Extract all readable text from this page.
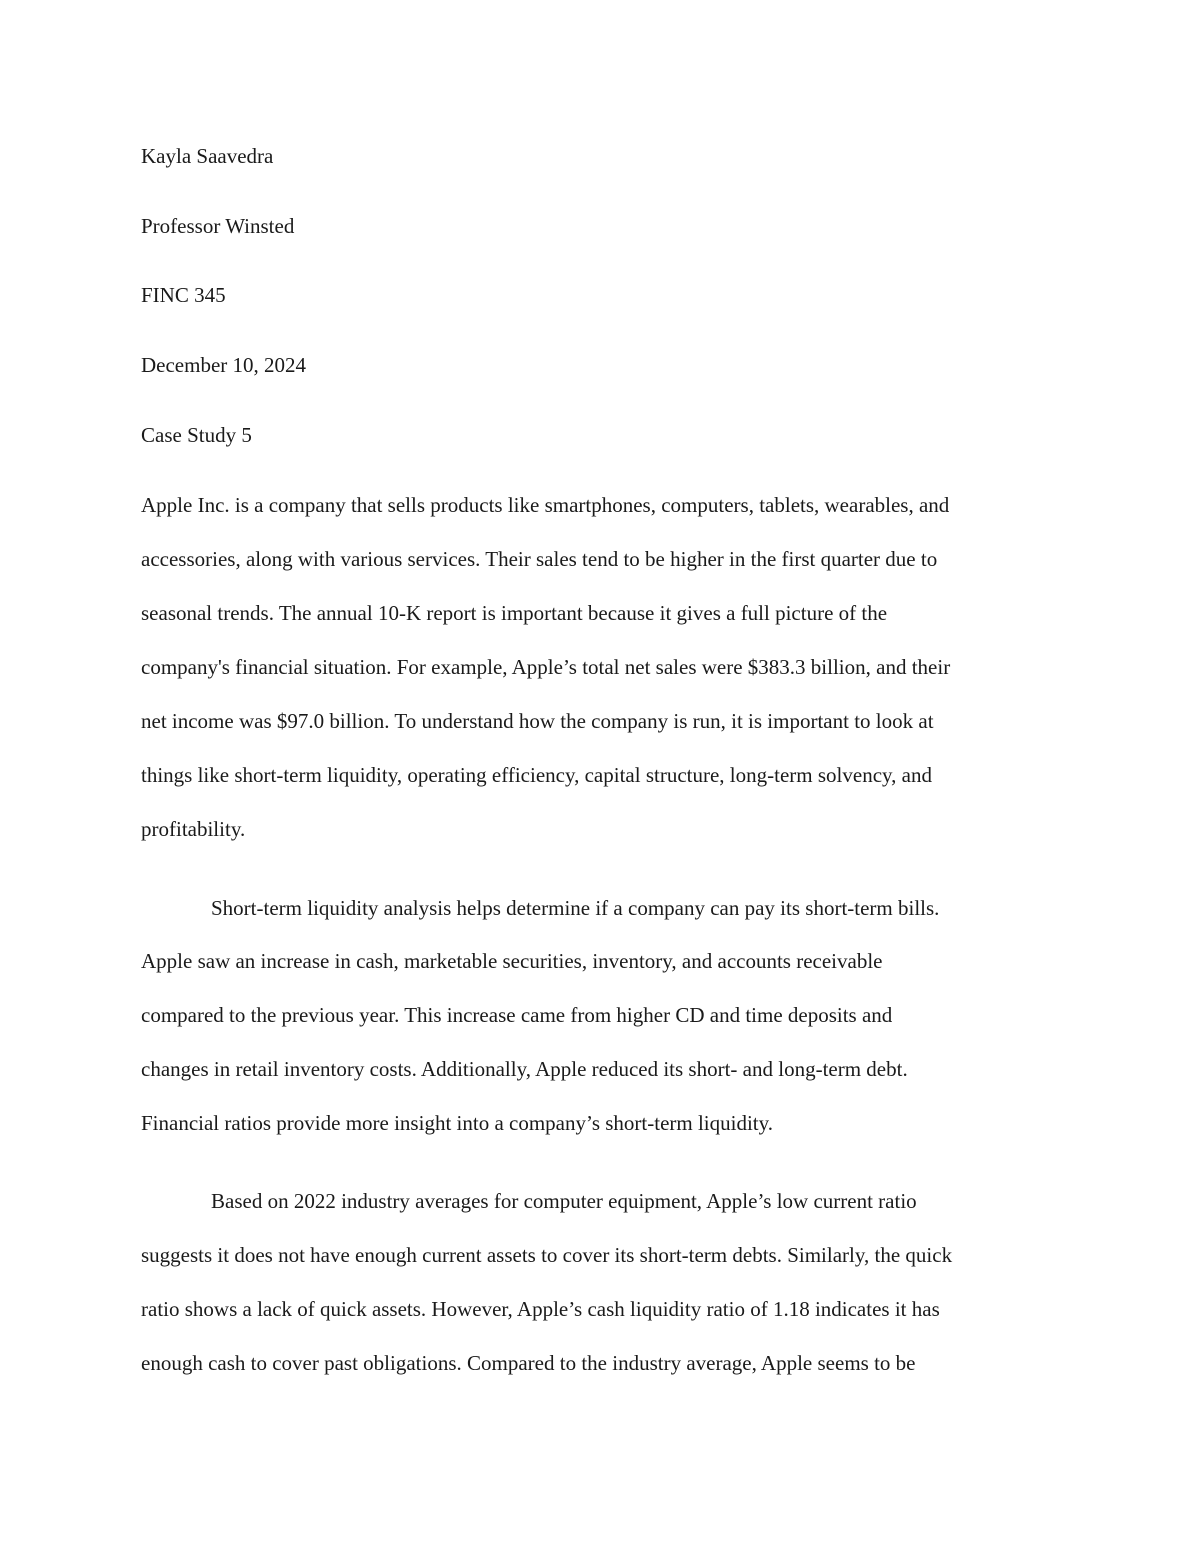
Kayla Saavedra
Professor Winsted
FINC 345
December 10, 2024
Case Study 5
Apple Inc. is a company that sells products like smartphones, computers, tablets, wearables, and
accessories, along with various services. Their sales tend to be higher in the first quarter due to
seasonal trends. The annual 10-K report is important because it gives a full picture of the
company's financial situation. For example, Apple’s total net sales were $383.3 billion, and their
net income was $97.0 billion. To understand how the company is run, it is important to look at
things like short-term liquidity, operating efficiency, capital structure, long-term solvency, and
profitability.
Short-term liquidity analysis helps determine if a company can pay its short-term bills.
Apple saw an increase in cash, marketable securities, inventory, and accounts receivable
compared to the previous year. This increase came from higher CD and time deposits and
changes in retail inventory costs. Additionally, Apple reduced its short- and long-term debt.
Financial ratios provide more insight into a company’s short-term liquidity.
Based on 2022 industry averages for computer equipment, Apple’s low current ratio
suggests it does not have enough current assets to cover its short-term debts. Similarly, the quick
ratio shows a lack of quick assets. However, Apple’s cash liquidity ratio of 1.18 indicates it has
enough cash to cover past obligations. Compared to the industry average, Apple seems to be
